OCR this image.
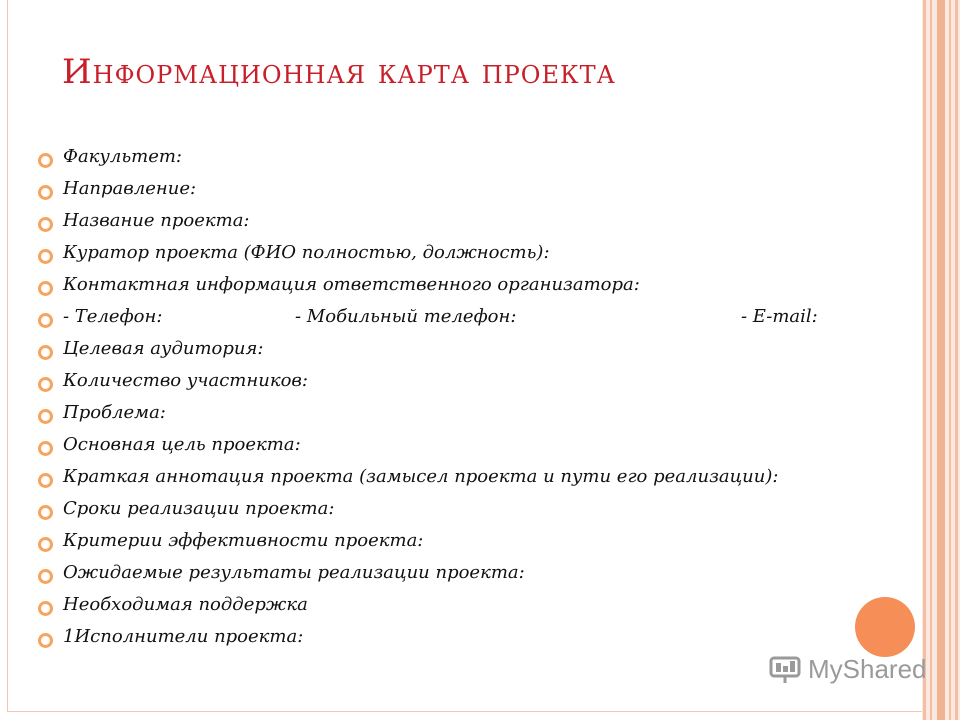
Информационная карта проекта
Факультет:
Направление:
Название проекта:
Куратор проекта (ФИО полностью, должность):
Контактная информация ответственного организатора:
- Телефон:	- Мобильный телефон:	- E-mail:
Целевая аудитория:
Количество участников:
Проблема:
Основная цель проекта:
Краткая аннотация проекта (замысел проекта и пути его реализации):
Сроки реализации проекта:
Критерии эффективности проекта:
Ожидаемые результаты реализации проекта:
Необходимая поддержка
1Исполнители проекта:
MyShared
